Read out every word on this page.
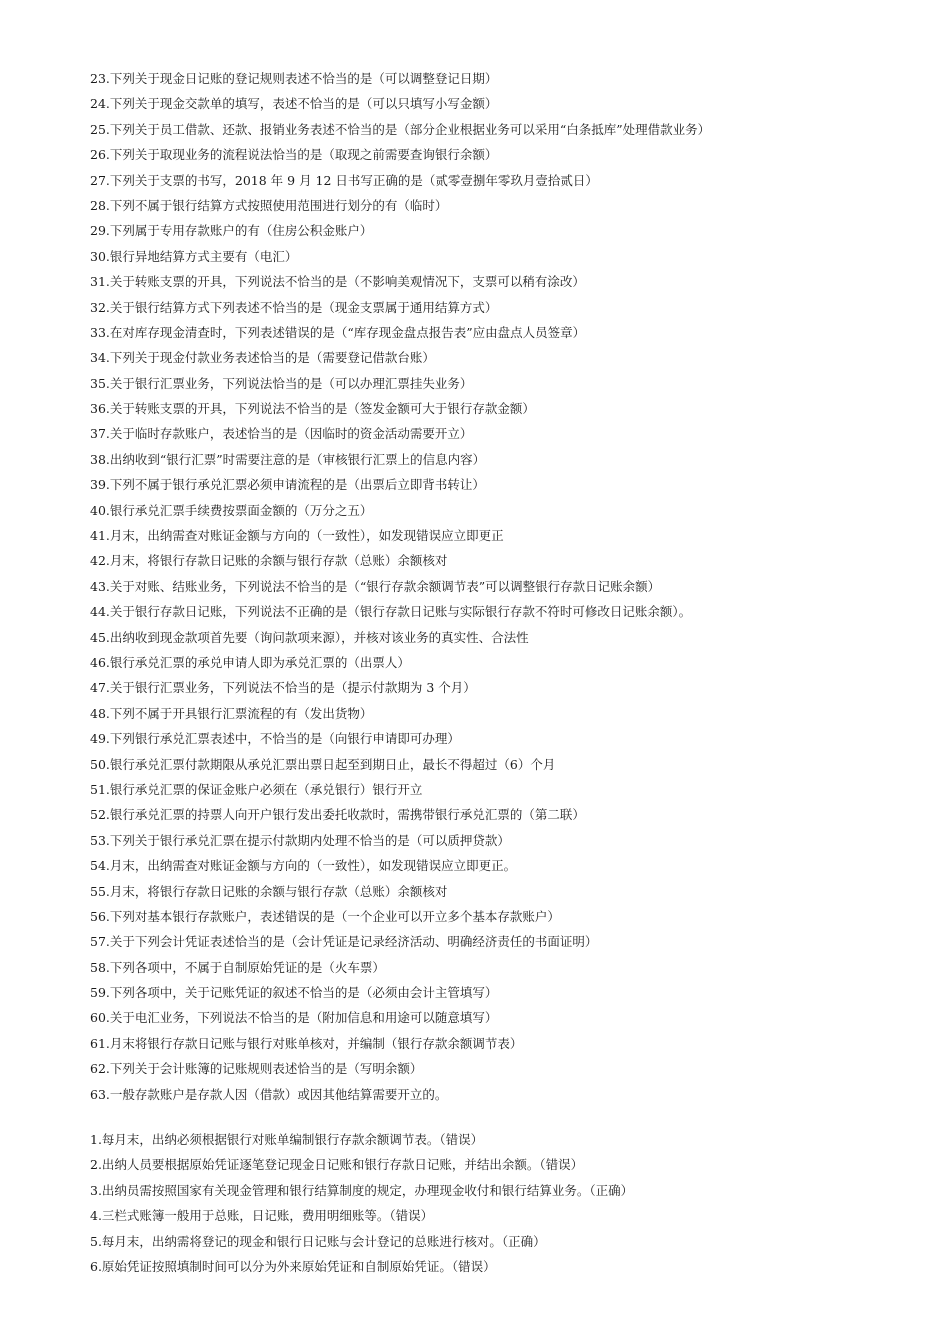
23.下列关于现金日记账的登记规则表述不恰当的是（可以调整登记日期）
24.下列关于现金交款单的填写，表述不恰当的是（可以只填写小写金额）
25.下列关于员工借款、还款、报销业务表述不恰当的是（部分企业根据业务可以采用“白条抵库”处理借款业务）
26.下列关于取现业务的流程说法恰当的是（取现之前需要查询银行余额）
27.下列关于支票的书写，2018 年 9 月 12 日书写正确的是（贰零壹捌年零玖月壹拾贰日）
28.下列不属于银行结算方式按照使用范围进行划分的有（临时）
29.下列属于专用存款账户的有（住房公积金账户）
30.银行异地结算方式主要有（电汇）
31.关于转账支票的开具，下列说法不恰当的是（不影响美观情况下，支票可以稍有涂改）
32.关于银行结算方式下列表述不恰当的是（现金支票属于通用结算方式）
33.在对库存现金清查时，下列表述错误的是（“库存现金盘点报告表”应由盘点人员签章）
34.下列关于现金付款业务表述恰当的是（需要登记借款台账）
35.关于银行汇票业务，下列说法恰当的是（可以办理汇票挂失业务）
36.关于转账支票的开具，下列说法不恰当的是（签发金额可大于银行存款金额）
37.关于临时存款账户，表述恰当的是（因临时的资金活动需要开立）
38.出纳收到“银行汇票”时需要注意的是（审核银行汇票上的信息内容）
39.下列不属于银行承兑汇票必须申请流程的是（出票后立即背书转让）
40.银行承兑汇票手续费按票面金额的（万分之五）
41.月末，出纳需查对账证金额与方向的（一致性），如发现错误应立即更正
42.月末，将银行存款日记账的余额与银行存款（总账）余额核对
43.关于对账、结账业务，下列说法不恰当的是（“银行存款余额调节表”可以调整银行存款日记账余额）
44.关于银行存款日记账，下列说法不正确的是（银行存款日记账与实际银行存款不符时可修改日记账余额）。
45.出纳收到现金款项首先要（询问款项来源），并核对该业务的真实性、合法性
46.银行承兑汇票的承兑申请人即为承兑汇票的（出票人）
47.关于银行汇票业务，下列说法不恰当的是（提示付款期为 3 个月）
48.下列不属于开具银行汇票流程的有（发出货物）
49.下列银行承兑汇票表述中，不恰当的是（向银行申请即可办理）
50.银行承兑汇票付款期限从承兑汇票出票日起至到期日止，最长不得超过（6）个月
51.银行承兑汇票的保证金账户必须在（承兑银行）银行开立
52.银行承兑汇票的持票人向开户银行发出委托收款时，需携带银行承兑汇票的（第二联）
53.下列关于银行承兑汇票在提示付款期内处理不恰当的是（可以质押贷款）
54.月末，出纳需查对账证金额与方向的（一致性），如发现错误应立即更正。
55.月末，将银行存款日记账的余额与银行存款（总账）余额核对
56.下列对基本银行存款账户，表述错误的是（一个企业可以开立多个基本存款账户）
57.关于下列会计凭证表述恰当的是（会计凭证是记录经济活动、明确经济责任的书面证明）
58.下列各项中，不属于自制原始凭证的是（火车票）
59.下列各项中，关于记账凭证的叙述不恰当的是（必须由会计主管填写）
60.关于电汇业务，下列说法不恰当的是（附加信息和用途可以随意填写）
61.月末将银行存款日记账与银行对账单核对，并编制（银行存款余额调节表）
62.下列关于会计账簿的记账规则表述恰当的是（写明余额）
63.一般存款账户是存款人因（借款）或因其他结算需要开立的。
1.每月末，出纳必须根据银行对账单编制银行存款余额调节表。（错误）
2.出纳人员要根据原始凭证逐笔登记现金日记账和银行存款日记账，并结出余额。（错误）
3.出纳员需按照国家有关现金管理和银行结算制度的规定，办理现金收付和银行结算业务。（正确）
4.三栏式账簿一般用于总账，日记账，费用明细账等。（错误）
5.每月末，出纳需将登记的现金和银行日记账与会计登记的总账进行核对。（正确）
6.原始凭证按照填制时间可以分为外来原始凭证和自制原始凭证。（错误）
